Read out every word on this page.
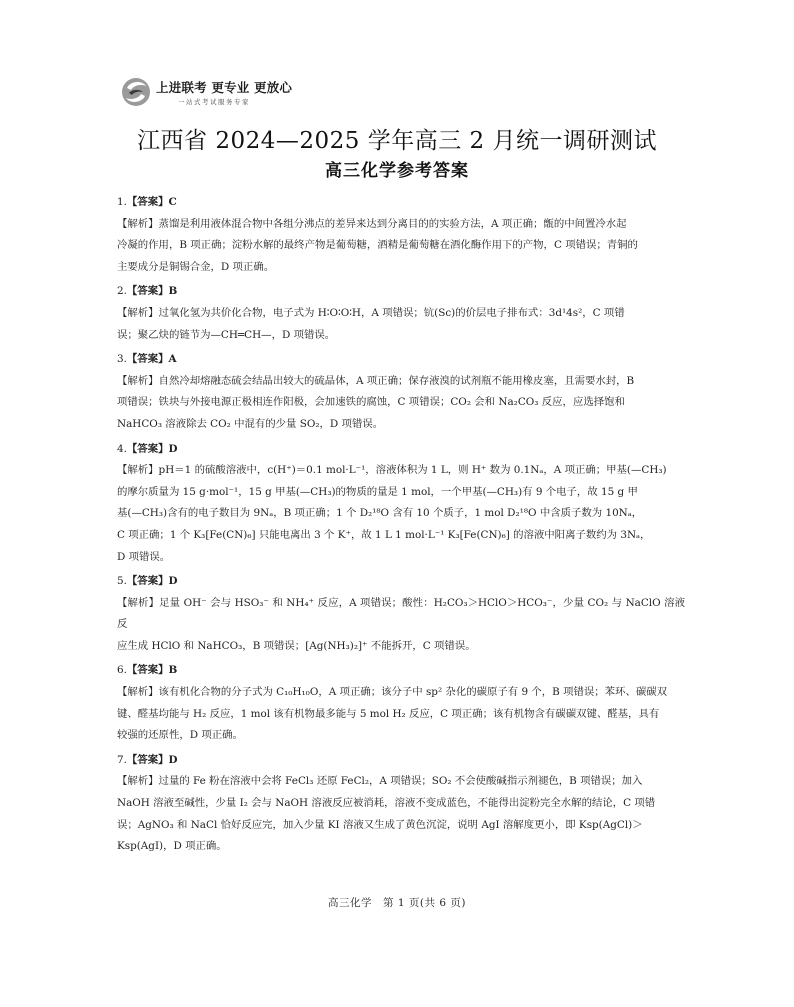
上进联考 更专业 更放心
一站式考试服务专家
江西省 2024—2025 学年高三 2 月统一调研测试
高三化学参考答案
1.【答案】C

【解析】蒸馏是利用液体混合物中各组分沸点的差异来达到分离目的的实验方法，A 项正确；甑的中间置冷水起

冷凝的作用，B 项正确；淀粉水解的最终产物是葡萄糖，酒精是葡萄糖在酒化酶作用下的产物，C 项错误；青铜的

主要成分是铜锡合金，D 项正确。

2.【答案】B

【解析】过氧化氢为共价化合物，电子式为 H∶O∶O∶H，A 项错误；钪(Sc)的价层电子排布式：3d¹4s²，C 项错

误；聚乙炔的链节为—CH═CH—，D 项错误。

3.【答案】A

【解析】自然冷却熔融态硫会结晶出较大的硫晶体，A 项正确；保存液溴的试剂瓶不能用橡皮塞，且需要水封，B

项错误；铁块与外接电源正极相连作阳极，会加速铁的腐蚀，C 项错误；CO₂ 会和 Na₂CO₃ 反应，应选择饱和

NaHCO₃ 溶液除去 CO₂ 中混有的少量 SO₂，D 项错误。

4.【答案】D

【解析】pH＝1 的硫酸溶液中，c(H⁺)＝0.1 mol·L⁻¹，溶液体积为 1 L，则 H⁺ 数为 0.1Nₐ，A 项正确；甲基(—CH₃)

的摩尔质量为 15 g·mol⁻¹，15 g 甲基(—CH₃)的物质的量是 1 mol，一个甲基(—CH₃)有 9 个电子，故 15 g 甲

基(—CH₃)含有的电子数目为 9Nₐ，B 项正确；1 个 D₂¹⁸O 含有 10 个质子，1 mol D₂¹⁸O 中含质子数为 10Nₐ，

C 项正确；1 个 K₃[Fe(CN)₆] 只能电离出 3 个 K⁺，故 1 L 1 mol·L⁻¹ K₃[Fe(CN)₆] 的溶液中阳离子数约为 3Nₐ，

D 项错误。

5.【答案】D

【解析】足量 OH⁻ 会与 HSO₃⁻ 和 NH₄⁺ 反应，A 项错误；酸性：H₂CO₃＞HClO＞HCO₃⁻，少量 CO₂ 与 NaClO 溶液反

应生成 HClO 和 NaHCO₃，B 项错误；[Ag(NH₃)₂]⁺ 不能拆开，C 项错误。

6.【答案】B

【解析】该有机化合物的分子式为 C₁₀H₁₀O，A 项正确；该分子中 sp² 杂化的碳原子有 9 个，B 项错误；苯环、碳碳双

键、醛基均能与 H₂ 反应，1 mol 该有机物最多能与 5 mol H₂ 反应，C 项正确；该有机物含有碳碳双键、醛基，具有

较强的还原性，D 项正确。

7.【答案】D

【解析】过量的 Fe 粉在溶液中会将 FeCl₃ 还原 FeCl₂，A 项错误；SO₂ 不会使酸碱指示剂褪色，B 项错误；加入

NaOH 溶液至碱性，少量 I₂ 会与 NaOH 溶液反应被消耗，溶液不变成蓝色，不能得出淀粉完全水解的结论，C 项错

误；AgNO₃ 和 NaCl 恰好反应完，加入少量 KI 溶液又生成了黄色沉淀，说明 AgI 溶解度更小，即 Ksp(AgCl)＞

Ksp(AgI)，D 项正确。

高三化学　第 1 页(共 6 页)
